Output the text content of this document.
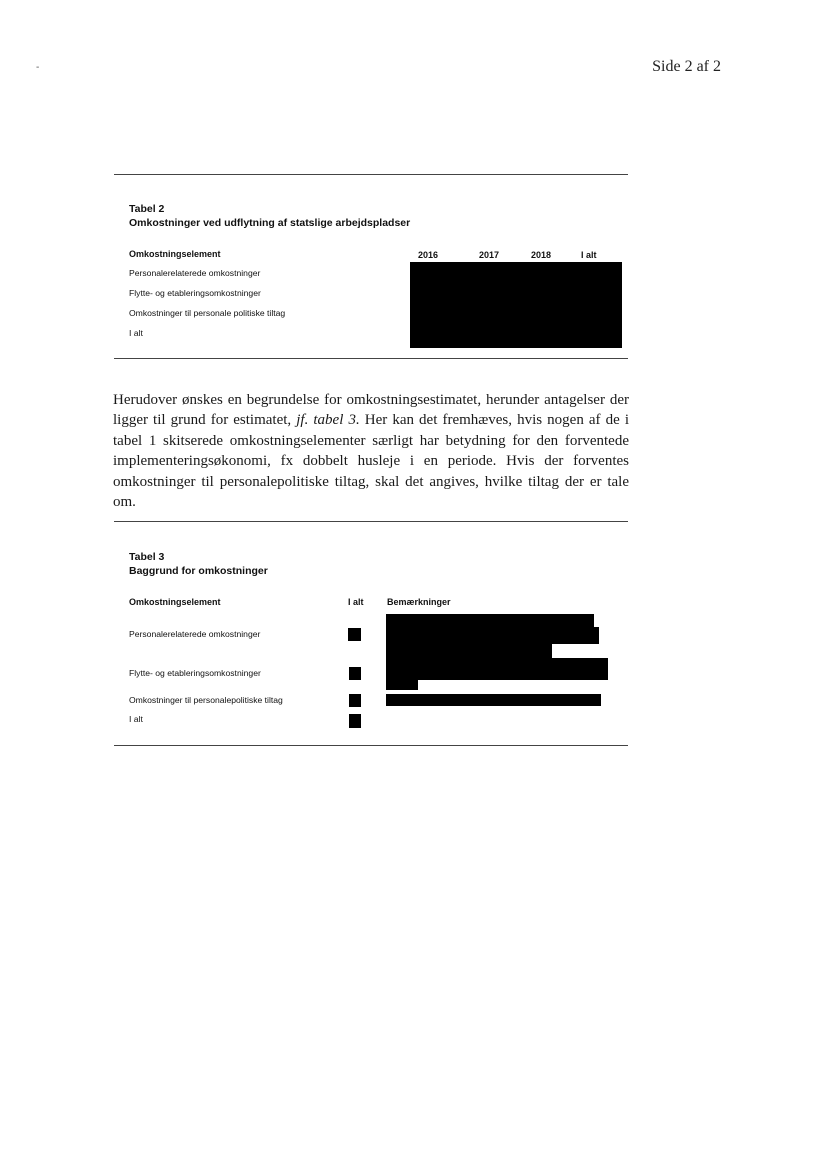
-	Side 2 af 2
Tabel 2
Omkostninger ved udflytning af statslige arbejdspladser
Omkostningselement	2016	2017	2018	I alt
Personalerelaterede omkostninger
Flytte- og etableringsomkostninger
Omkostninger til personale politiske tiltag
I alt
Herudover ønskes en begrundelse for omkostningsestimatet, herunder antagelser der ligger til grund for estimatet, jf. tabel 3. Her kan det fremhæves, hvis nogen af de i tabel 1 skitserede omkostningselementer særligt har betydning for den forventede implementeringsøkonomi, fx dobbelt husleje i en periode. Hvis der forventes omkostninger til personalepolitiske tiltag, skal det angives, hvilke tiltag der er tale om.
Tabel 3
Baggrund for omkostninger
Omkostningselement	I alt	Bemærkninger
Personalerelaterede omkostninger
Flytte- og etableringsomkostninger
Omkostninger til personalepolitiske tiltag
I alt
